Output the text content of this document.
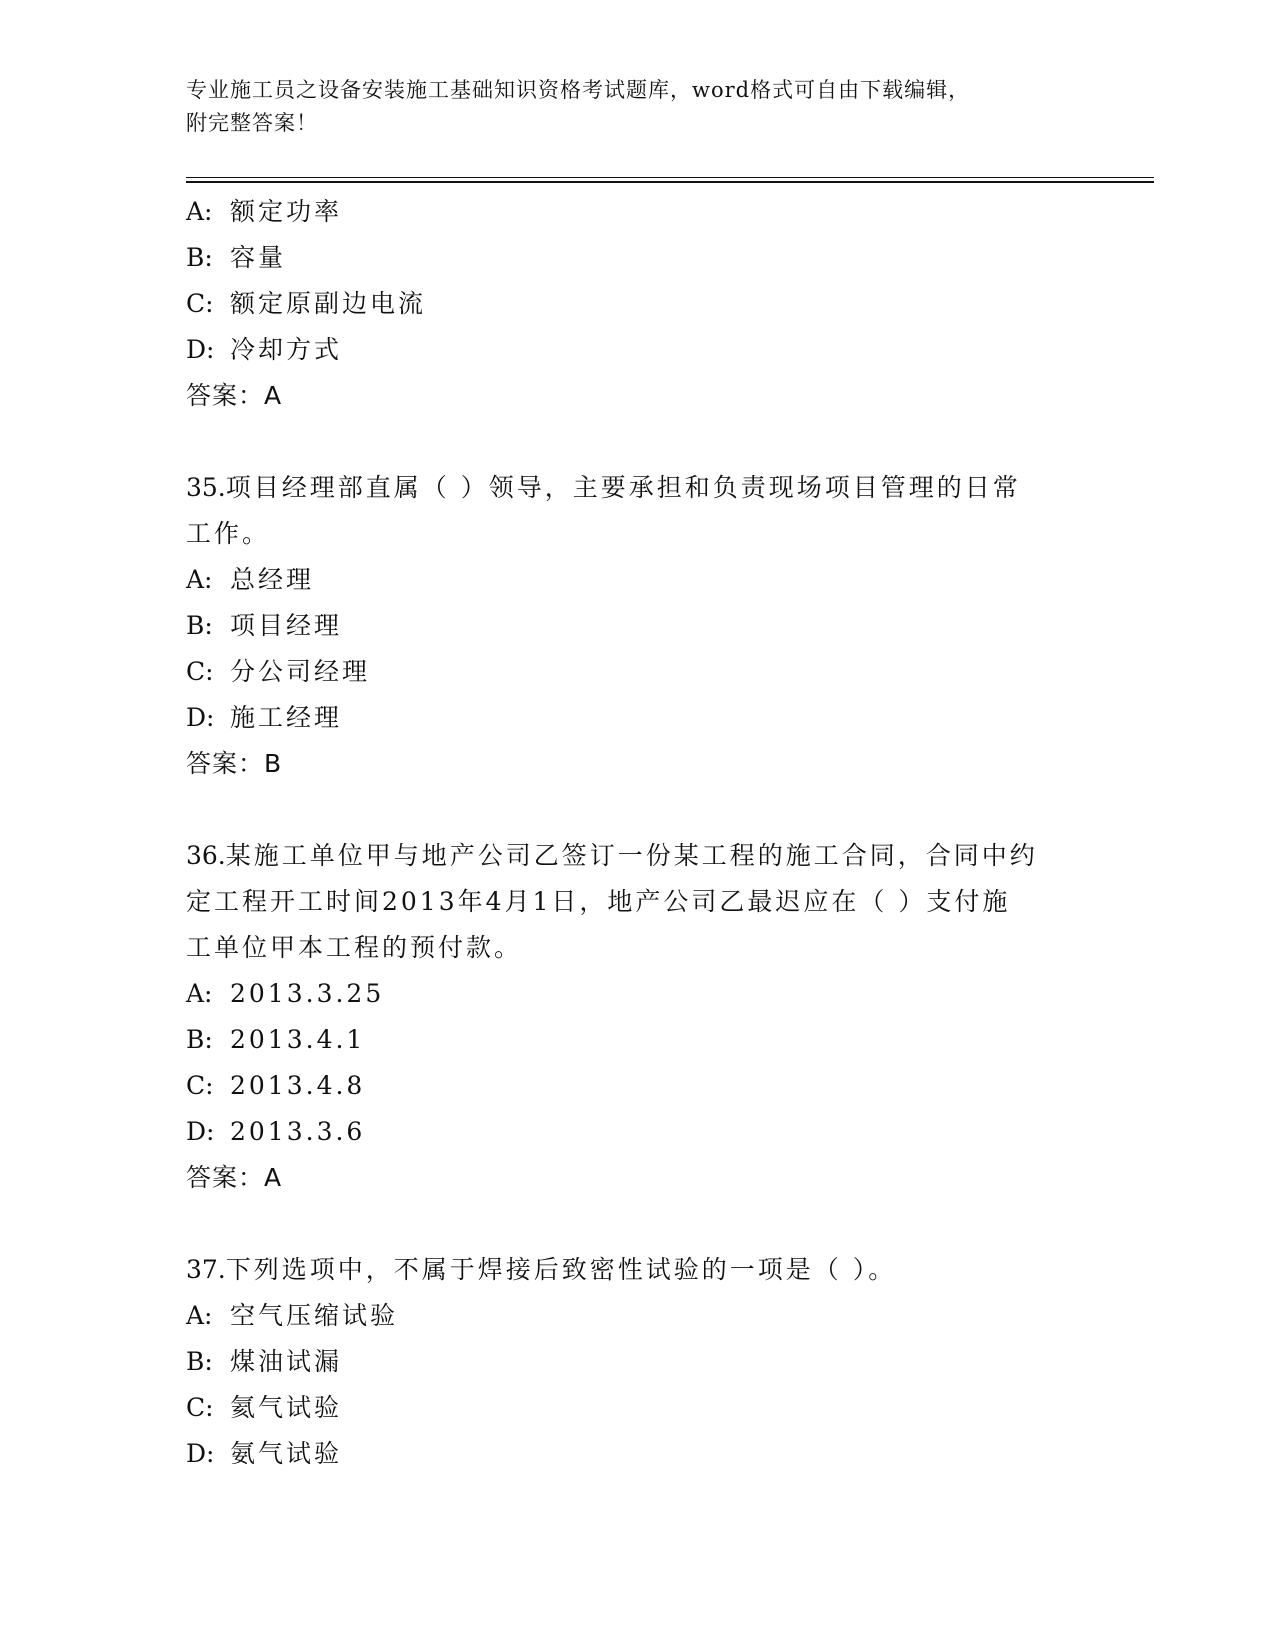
专业施工员之设备安装施工基础知识资格考试题库，word格式可自由下载编辑，
附完整答案！
A: 额定功率
B: 容量
C: 额定原副边电流
D: 冷却方式
答案：A
35.项目经理部直属（ ）领导，主要承担和负责现场项目管理的日常
工作。
A: 总经理
B: 项目经理
C: 分公司经理
D: 施工经理
答案：B
36.某施工单位甲与地产公司乙签订一份某工程的施工合同，合同中约
定工程开工时间2013年4月1日，地产公司乙最迟应在（ ）支付施
工单位甲本工程的预付款。
A: 2013.3.25
B: 2013.4.1
C: 2013.4.8
D: 2013.3.6
答案：A
37.下列选项中，不属于焊接后致密性试验的一项是（ ）。
A: 空气压缩试验
B: 煤油试漏
C: 氦气试验
D: 氨气试验
